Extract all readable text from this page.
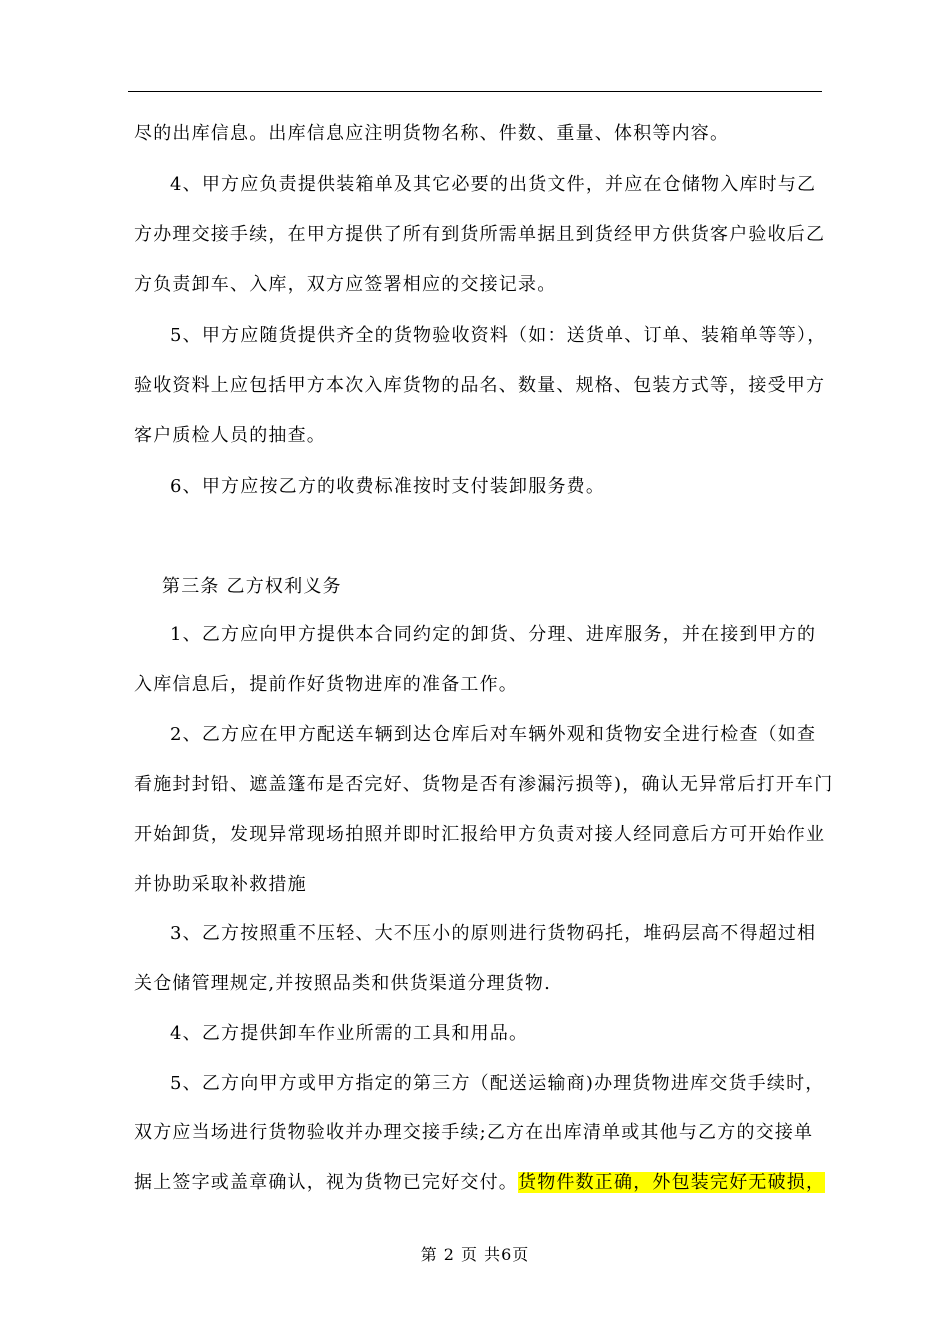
尽的出库信息。出库信息应注明货物名称、件数、重量、体积等内容。
4、甲方应负责提供装箱单及其它必要的出货文件，并应在仓储物入库时与乙
方办理交接手续，在甲方提供了所有到货所需单据且到货经甲方供货客户验收后乙
方负责卸车、入库，双方应签署相应的交接记录。
5、甲方应随货提供齐全的货物验收资料（如：送货单、订单、装箱单等等），
验收资料上应包括甲方本次入库货物的品名、数量、规格、包装方式等，接受甲方
客户质检人员的抽查。
6、甲方应按乙方的收费标准按时支付装卸服务费。
第三条 乙方权利义务
1、乙方应向甲方提供本合同约定的卸货、分理、进库服务，并在接到甲方的
入库信息后，提前作好货物进库的准备工作。
2、乙方应在甲方配送车辆到达仓库后对车辆外观和货物安全进行检查（如查
看施封封铅、遮盖篷布是否完好、货物是否有渗漏污损等)，确认无异常后打开车门
开始卸货，发现异常现场拍照并即时汇报给甲方负责对接人经同意后方可开始作业
并协助采取补救措施
3、乙方按照重不压轻、大不压小的原则进行货物码托，堆码层高不得超过相
关仓储管理规定,并按照品类和供货渠道分理货物.
4、乙方提供卸车作业所需的工具和用品。
5、乙方向甲方或甲方指定的第三方（配送运输商)办理货物进库交货手续时，
双方应当场进行货物验收并办理交接手续;乙方在出库清单或其他与乙方的交接单
据上签字或盖章确认，视为货物已完好交付。货物件数正确，外包装完好无破损，
第 2 页 共6页
